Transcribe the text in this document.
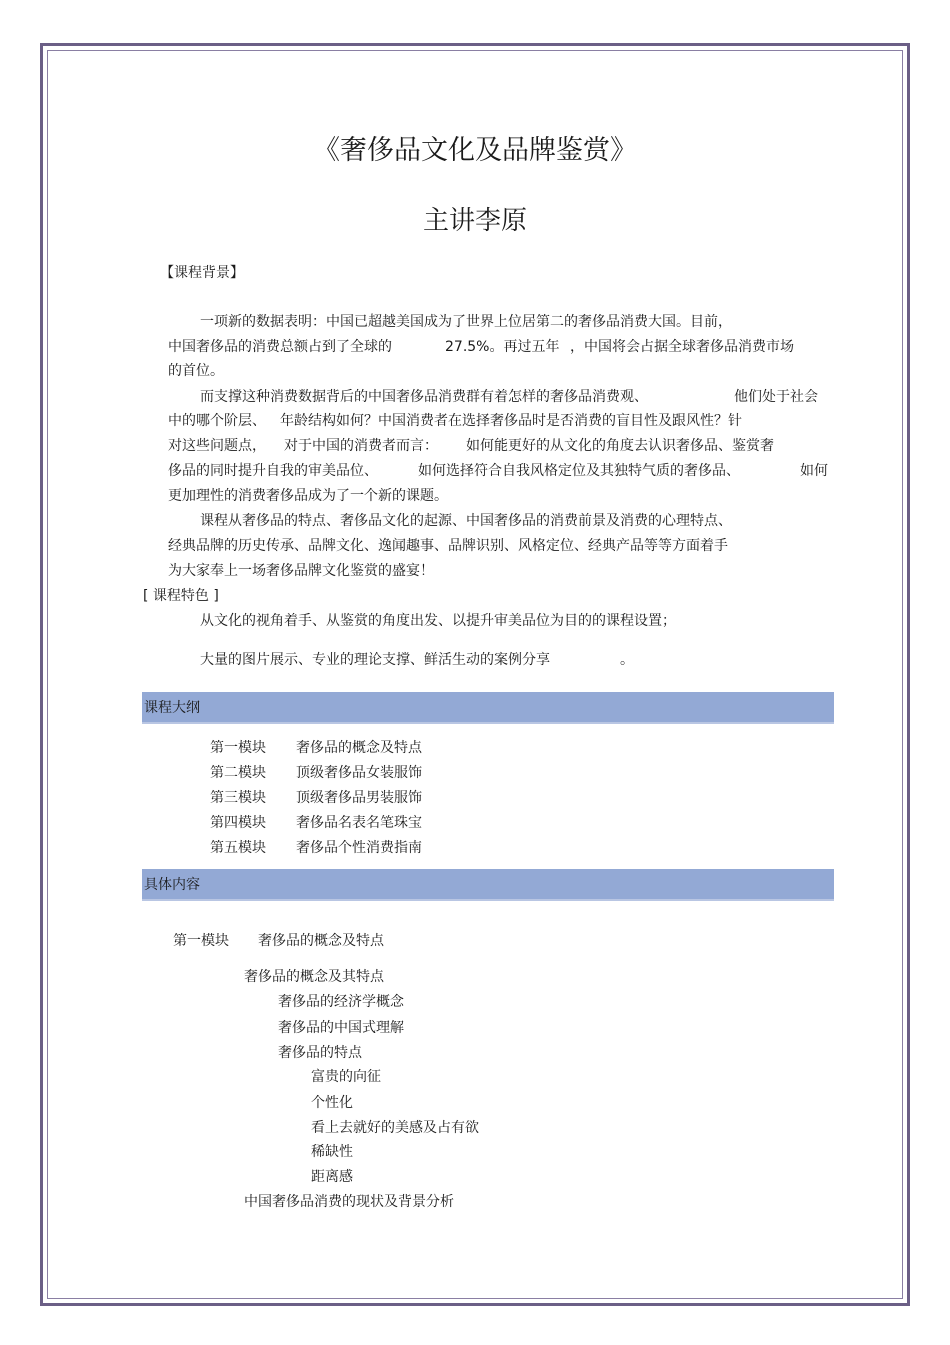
《奢侈品文化及品牌鉴赏》
主讲李原
【课程背景】
一项新的数据表明：中国已超越美国成为了世界上位居第二的奢侈品消费大国。目前，
中国奢侈品的消费总额占到了全球的	27.5%。再过五年 ，中国将会占据全球奢侈品消费市场
的首位。
而支撑这种消费数据背后的中国奢侈品消费群有着怎样的奢侈品消费观、	他们处于社会
中的哪个阶层、 年龄结构如何？中国消费者在选择奢侈品时是否消费的盲目性及跟风性？针
对这些问题点， 对于中国的消费者而言： 如何能更好的从文化的角度去认识奢侈品、鉴赏奢
侈品的同时提升自我的审美品位、	如何选择符合自我风格定位及其独特气质的奢侈品、	如何
更加理性的消费奢侈品成为了一个新的课题。
课程从奢侈品的特点、奢侈品文化的起源、中国奢侈品的消费前景及消费的心理特点、
经典品牌的历史传承、品牌文化、逸闻趣事、品牌识别、风格定位、经典产品等等方面着手
为大家奉上一场奢侈品牌文化鉴赏的盛宴！
[ 课程特色 ]
从文化的视角着手、从鉴赏的角度出发、以提升审美品位为目的的课程设置；
大量的图片展示、专业的理论支撑、鲜活生动的案例分享	。
课程大纲
第一模块 奢侈品的概念及特点
第二模块 顶级奢侈品女装服饰
第三模块 顶级奢侈品男装服饰
第四模块 奢侈品名表名笔珠宝
第五模块 奢侈品个性消费指南
具体内容
第一模块 奢侈品的概念及特点
奢侈品的概念及其特点
奢侈品的经济学概念
奢侈品的中国式理解
奢侈品的特点
富贵的向征
个性化
看上去就好的美感及占有欲
稀缺性
距离感
中国奢侈品消费的现状及背景分析
